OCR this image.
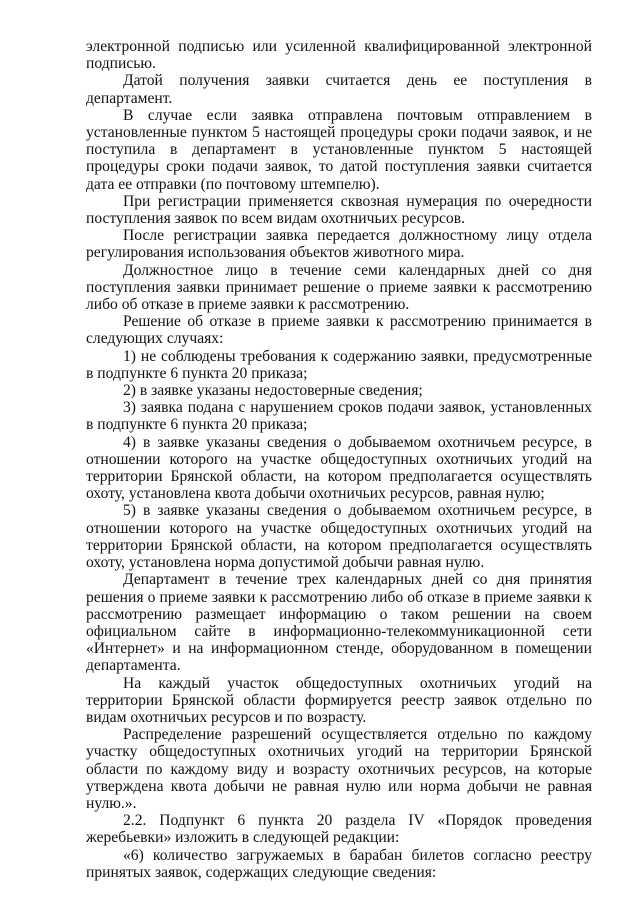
электронной подписью или усиленной квалифицированной электронной подписью.

Датой получения заявки считается день ее поступления в департамент.

В случае если заявка отправлена почтовым отправлением в установленные пунктом 5 настоящей процедуры сроки подачи заявок, и не поступила в департамент в установленные пунктом 5 настоящей процедуры сроки подачи заявок, то датой поступления заявки считается дата ее отправки (по почтовому штемпелю).

При регистрации применяется сквозная нумерация по очередности поступления заявок по всем видам охотничьих ресурсов.

После регистрации заявка передается должностному лицу отдела регулирования использования объектов животного мира.

Должностное лицо в течение семи календарных дней со дня поступления заявки принимает решение о приеме заявки к рассмотрению либо об отказе в приеме заявки к рассмотрению.

Решение об отказе в приеме заявки к рассмотрению принимается в следующих случаях:

1) не соблюдены требования к содержанию заявки, предусмотренные в подпункте 6 пункта 20 приказа;

2) в заявке указаны недостоверные сведения;

3) заявка подана с нарушением сроков подачи заявок, установленных в подпункте 6 пункта 20 приказа;

4) в заявке указаны сведения о добываемом охотничьем ресурсе, в отношении которого на участке общедоступных охотничьих угодий на территории Брянской области, на котором предполагается осуществлять охоту, установлена квота добычи охотничьих ресурсов, равная нулю;

5) в заявке указаны сведения о добываемом охотничьем ресурсе, в отношении которого на участке общедоступных охотничьих угодий на территории Брянской области, на котором предполагается осуществлять охоту, установлена норма допустимой добычи равная нулю.

Департамент в течение трех календарных дней со дня принятия решения о приеме заявки к рассмотрению либо об отказе в приеме заявки к рассмотрению размещает информацию о таком решении на своем официальном сайте в информационно-телекоммуникационной сети «Интернет» и на информационном стенде, оборудованном в помещении департамента.

На каждый участок общедоступных охотничьих угодий на территории Брянской области формируется реестр заявок отдельно по видам охотничьих ресурсов и по возрасту.

Распределение разрешений осуществляется отдельно по каждому участку общедоступных охотничьих угодий на территории Брянской области по каждому виду и возрасту охотничьих ресурсов, на которые утверждена квота добычи не равная нулю или норма добычи не равная нулю.».

2.2. Подпункт 6 пункта 20 раздела IV «Порядок проведения жеребьевки» изложить в следующей редакции:

«6) количество загружаемых в барабан билетов согласно реестру принятых заявок, содержащих следующие сведения:
